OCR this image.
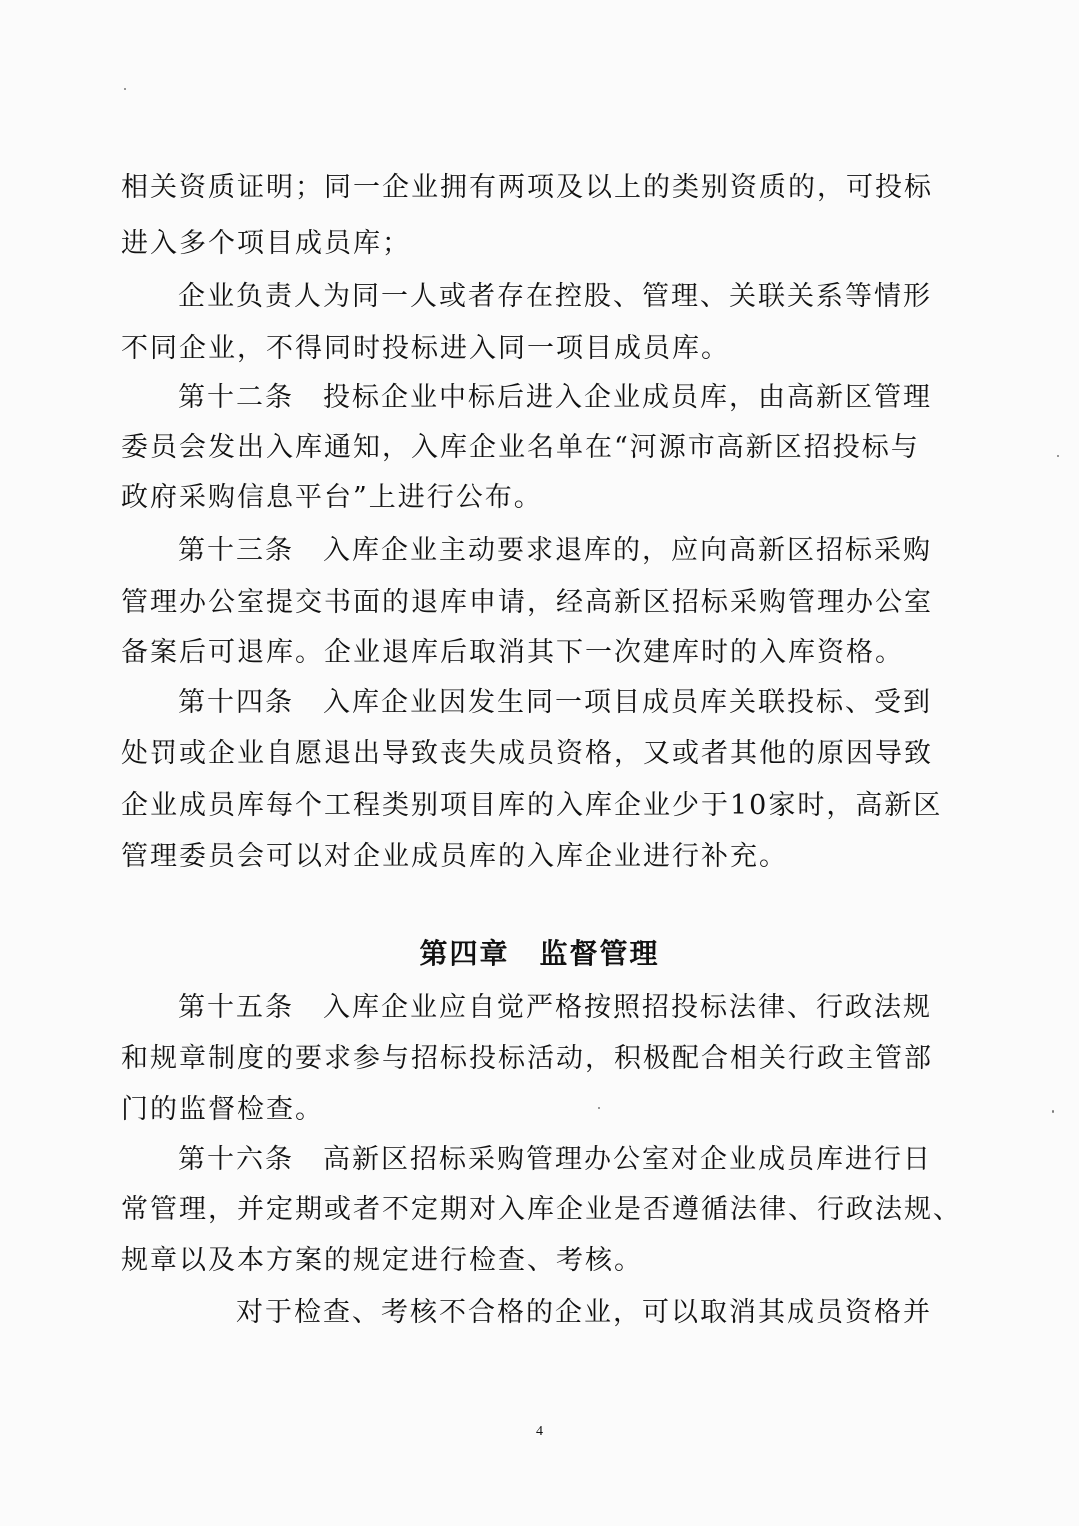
相关资质证明；同一企业拥有两项及以上的类别资质的，可投标
进入多个项目成员库；
企业负责人为同一人或者存在控股、管理、关联关系等情形
不同企业，不得同时投标进入同一项目成员库。
第十二条　投标企业中标后进入企业成员库，由高新区管理
委员会发出入库通知，入库企业名单在“河源市高新区招投标与
政府采购信息平台”上进行公布。
第十三条　入库企业主动要求退库的，应向高新区招标采购
管理办公室提交书面的退库申请，经高新区招标采购管理办公室
备案后可退库。企业退库后取消其下一次建库时的入库资格。
第十四条　入库企业因发生同一项目成员库关联投标、受到
处罚或企业自愿退出导致丧失成员资格，又或者其他的原因导致
企业成员库每个工程类别项目库的入库企业少于10家时，高新区
管理委员会可以对企业成员库的入库企业进行补充。
第四章　监督管理
第十五条　入库企业应自觉严格按照招投标法律、行政法规
和规章制度的要求参与招标投标活动，积极配合相关行政主管部
门的监督检查。
第十六条　高新区招标采购管理办公室对企业成员库进行日
常管理，并定期或者不定期对入库企业是否遵循法律、行政法规、
规章以及本方案的规定进行检查、考核。
对于检查、考核不合格的企业，可以取消其成员资格并
4
